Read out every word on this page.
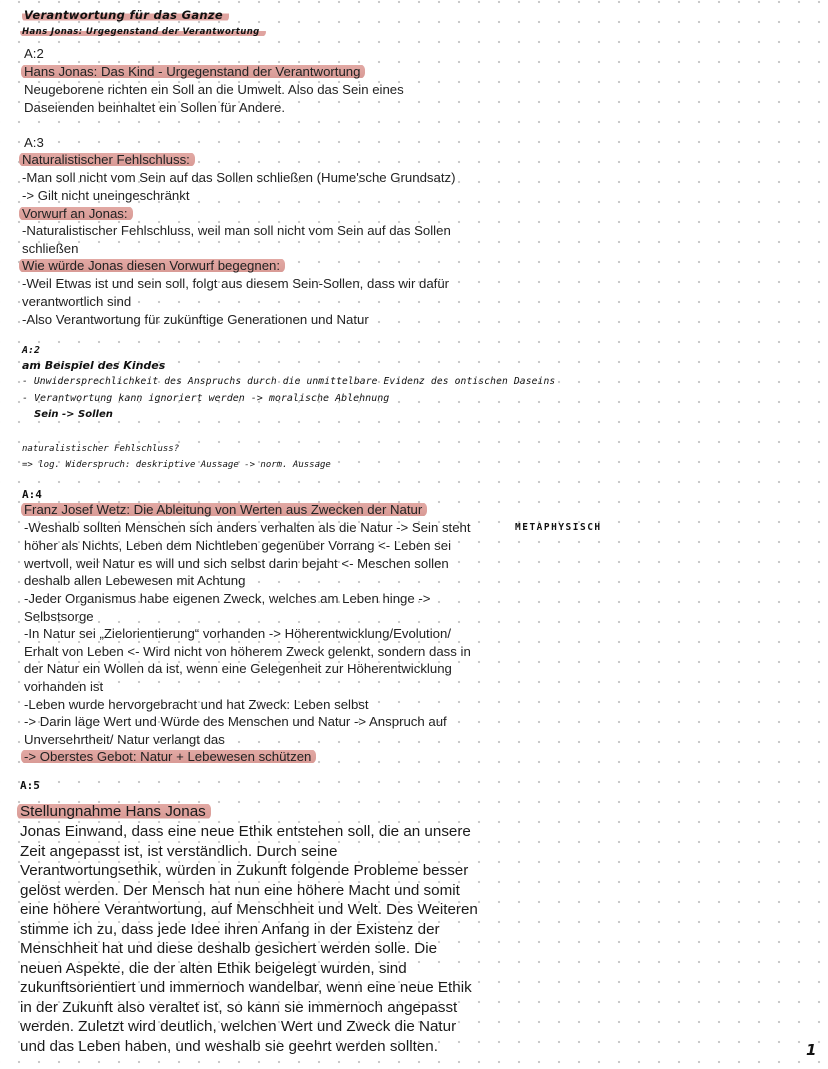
Verantwortung für das Ganze
Hans Jonas: Urgegenstand der Verantwortung
A:2
Hans Jonas: Das Kind - Urgegenstand der Verantwortung
Neugeborene richten ein Soll an die Umwelt. Also das Sein eines
Daseienden beinhaltet ein Sollen für Andere.
A:3
Naturalistischer Fehlschluss:
-Man soll nicht vom Sein auf das Sollen schließen (Hume'sche Grundsatz)
-> Gilt nicht uneingeschränkt
Vorwurf an Jonas:
-Naturalistischer Fehlschluss, weil man soll nicht vom Sein auf das Sollen
schließen
Wie würde Jonas diesen Vorwurf begegnen:
-Weil Etwas ist und sein soll, folgt aus diesem Sein-Sollen, dass wir dafür
verantwortlich sind
-Also Verantwortung für zukünftige Generationen und Natur
A:2
am Beispiel des Kindes
- Unwidersprechlichkeit des Anspruchs durch die unmittelbare Evidenz des ontischen Daseins
- Verantwortung kann ignoriert werden -> moralische Ablehnung
Sein -> Sollen
naturalistischer Fehlschluss?
=> log. Widerspruch: deskriptive Aussage -> norm. Aussage
A:4
Franz Josef Wetz: Die Ableitung von Werten aus Zwecken der Natur
METAPHYSISCH
-Weshalb sollten Menschen sich anders verhalten als die Natur -> Sein steht
höher als Nichts, Leben dem Nichtleben gegenüber Vorrang <- Leben sei
wertvoll, weil Natur es will und sich selbst darin bejaht <- Meschen sollen
deshalb allen Lebewesen mit Achtung
-Jeder Organismus habe eigenen Zweck, welches am Leben hinge ->
Selbstsorge
-In Natur sei „Zielorientierung“ vorhanden -> Höherentwicklung/Evolution/
Erhalt von Leben <- Wird nicht von höherem Zweck gelenkt, sondern dass in
der Natur ein Wollen da ist, wenn eine Gelegenheit zur Höherentwicklung
vorhanden ist
-Leben wurde hervorgebracht und hat Zweck: Leben selbst
-> Darin läge Wert und Würde des Menschen und Natur -> Anspruch auf
Unversehrtheit/ Natur verlangt das
-> Oberstes Gebot: Natur + Lebewesen schützen
A:5
Stellungnahme Hans Jonas
Jonas Einwand, dass eine neue Ethik entstehen soll, die an unsere
Zeit angepasst ist, ist verständlich. Durch seine
Verantwortungsethik, würden in Zukunft folgende Probleme besser
gelöst werden. Der Mensch hat nun eine höhere Macht und somit
eine höhere Verantwortung, auf Menschheit und Welt. Des Weiteren
stimme ich zu, dass jede Idee ihren Anfang in der Existenz der
Menschheit hat und diese deshalb gesichert werden solle. Die
neuen Aspekte, die der alten Ethik beigelegt wurden, sind
zukunftsorientiert und immernoch wandelbar, wenn eine neue Ethik
in der Zukunft also veraltet ist, so kann sie immernoch angepasst
werden. Zuletzt wird deutlich, welchen Wert und Zweck die Natur
und das Leben haben, und weshalb sie geehrt werden sollten.	1
